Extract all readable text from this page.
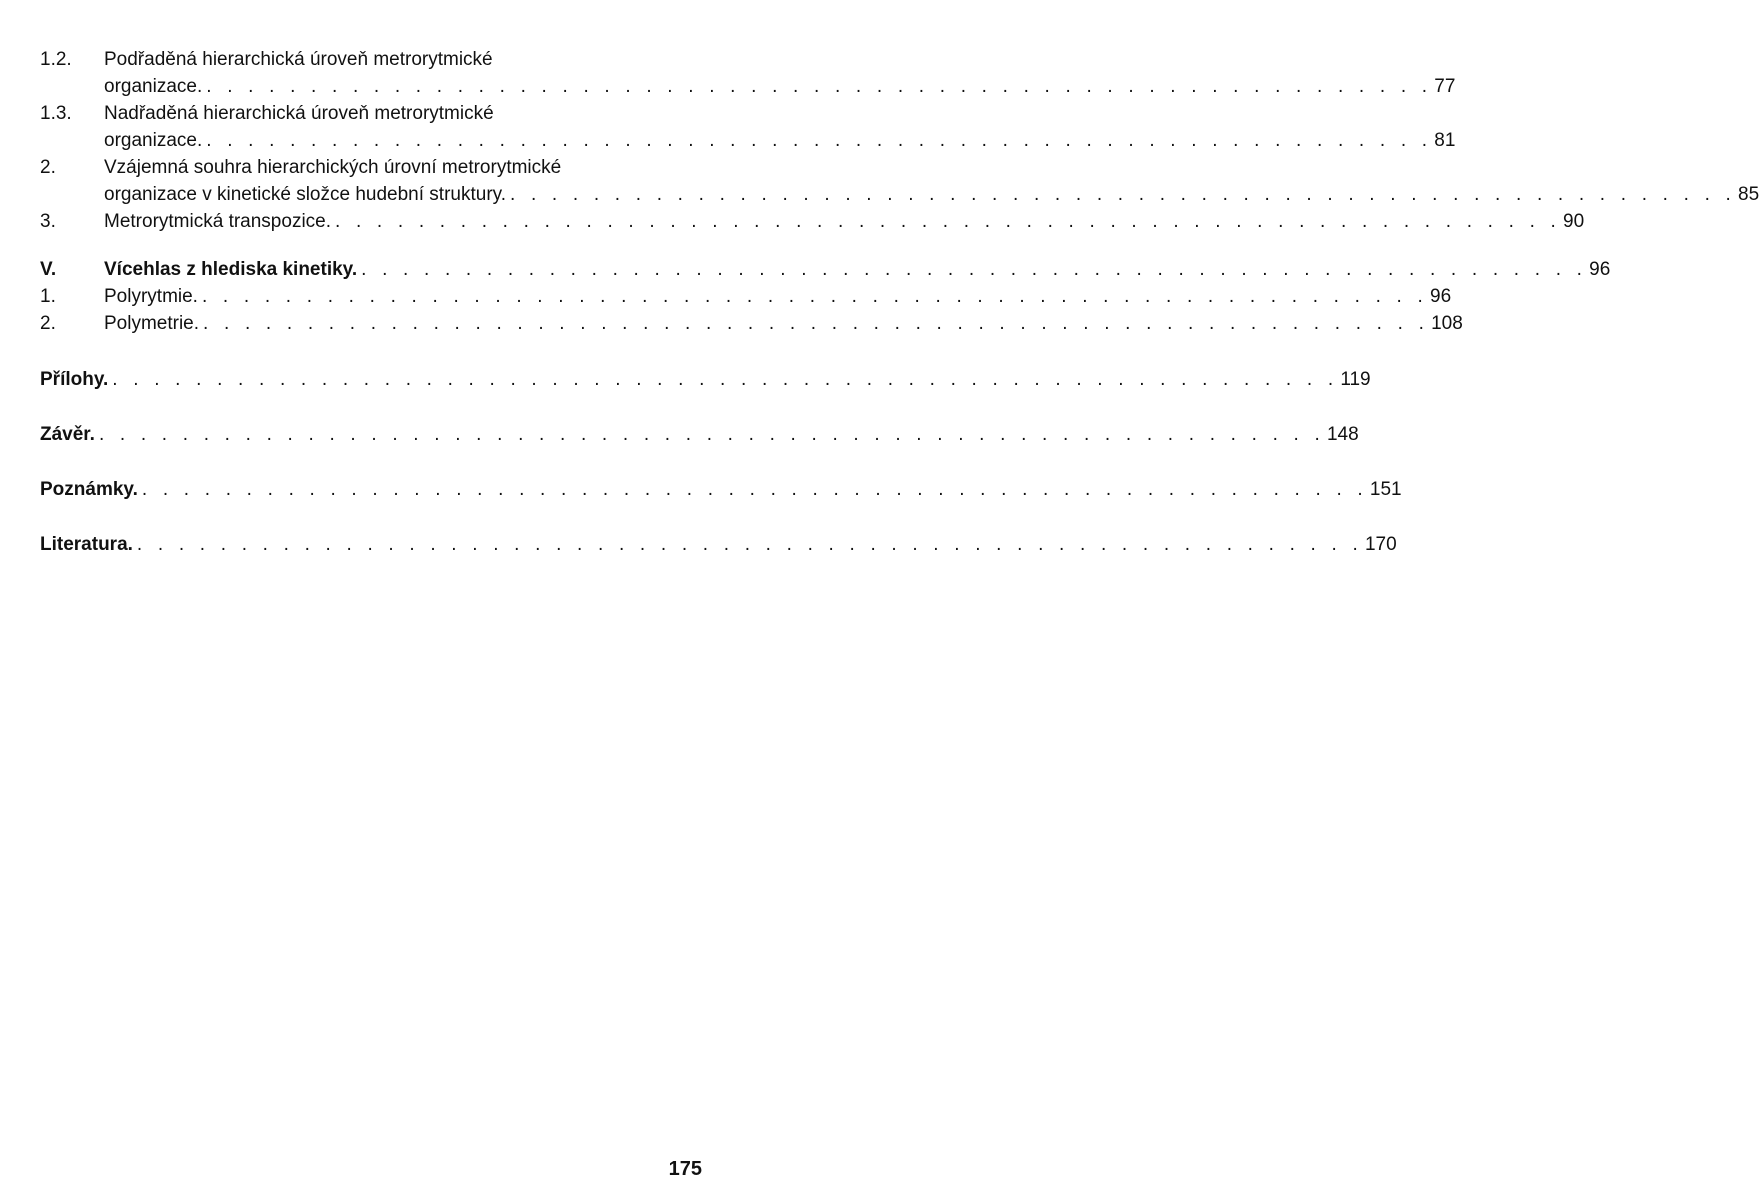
1.2.	Podřaděná hierarchická úroveň metrorytmické
organizace. . . . . . . . . . . . . . . . . . . . . . . . . . . . . . . . . . . . . . . . . . . . . . . . . . . . . . . . . . . . 77
1.3.	Nadřaděná hierarchická úroveň metrorytmické
organizace. . . . . . . . . . . . . . . . . . . . . . . . . . . . . . . . . . . . . . . . . . . . . . . . . . . . . . . . . . . . 81
2.	Vzájemná souhra hierarchických úrovní metrorytmické
organizace v kinetické složce hudební struktury. . . . . . . . . . . . . . . . . . . . . . . . . . . . . . . . . . . . . . . . . . . . . . . . . . . . . . . . . . . . 85
3.	Metrorytmická transpozice. . . . . . . . . . . . . . . . . . . . . . . . . . . . . . . . . . . . . . . . . . . . . . . . . . . . . . . . . . . . 90
V.	Vícehlas z hlediska kinetiky. . . . . . . . . . . . . . . . . . . . . . . . . . . . . . . . . . . . . . . . . . . . . . . . . . . . . . . . . . . . 96
1.	Polyrytmie. . . . . . . . . . . . . . . . . . . . . . . . . . . . . . . . . . . . . . . . . . . . . . . . . . . . . . . . . . . . 96
2.	Polymetrie. . . . . . . . . . . . . . . . . . . . . . . . . . . . . . . . . . . . . . . . . . . . . . . . . . . . . . . . . . . . 108
Přílohy. . . . . . . . . . . . . . . . . . . . . . . . . . . . . . . . . . . . . . . . . . . . . . . . . . . . . . . . . . . . 119
Závěr. . . . . . . . . . . . . . . . . . . . . . . . . . . . . . . . . . . . . . . . . . . . . . . . . . . . . . . . . . . . 148
Poznámky. . . . . . . . . . . . . . . . . . . . . . . . . . . . . . . . . . . . . . . . . . . . . . . . . . . . . . . . . . . . 151
Literatura. . . . . . . . . . . . . . . . . . . . . . . . . . . . . . . . . . . . . . . . . . . . . . . . . . . . . . . . . . . . 170
175
